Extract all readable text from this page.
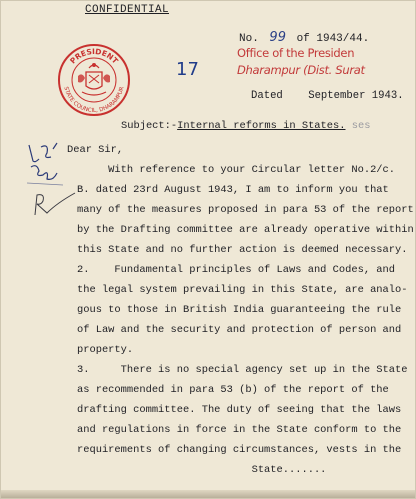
CONFIDENTIAL
PRESIDENT
STATE COUNCIL, DHARAMPUR
No. 99 of 1943/44.
Office of the Presiden
Dharampur (Dist. Surat
17
Dated    September 1943.
Subject:-Internal reforms in States. ses
Dear Sir,
With reference to your Circular letter No.2/c.
B. dated 23rd August 1943, I am to inform you that
many of the measures proposed in para 53 of the report
by the Drafting committee are already operative within
this State and no further action is deemed necessary.
2.    Fundamental principles of Laws and Codes, and
the legal system prevailing in this State, are analo-
gous to those in British India guaranteeing the rule
of Law and the security and protection of person and
property.
3.     There is no special agency set up in the State
as recommended in para 53 (b) of the report of the
drafting committee. The duty of seeing that the laws
and regulations in force in the State conform to the
requirements of changing circumstances, vests in the
State.......
